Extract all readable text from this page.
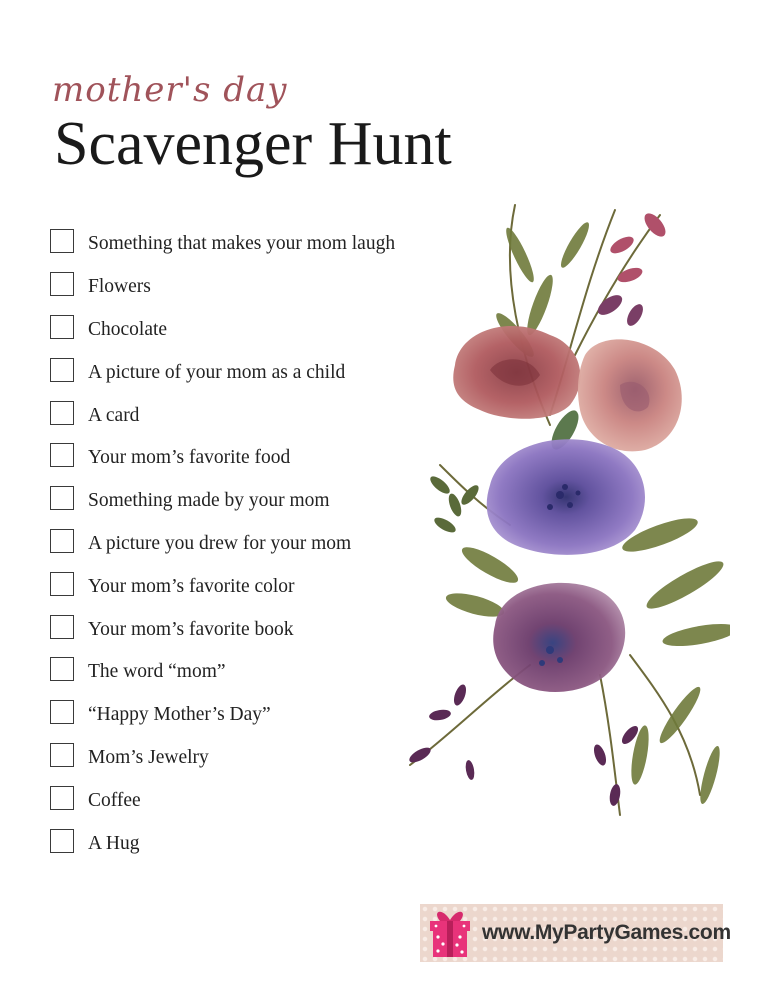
mother's day
Scavenger Hunt
Something that makes your mom laugh
Flowers
Chocolate
A picture of your mom as a child
A card
Your mom’s favorite food
Something made by your mom
A picture you drew for your mom
Your mom’s favorite color
Your mom’s favorite book
The word “mom”
“Happy Mother’s Day”
Mom’s Jewelry
Coffee
A Hug
www.MyPartyGames.com
